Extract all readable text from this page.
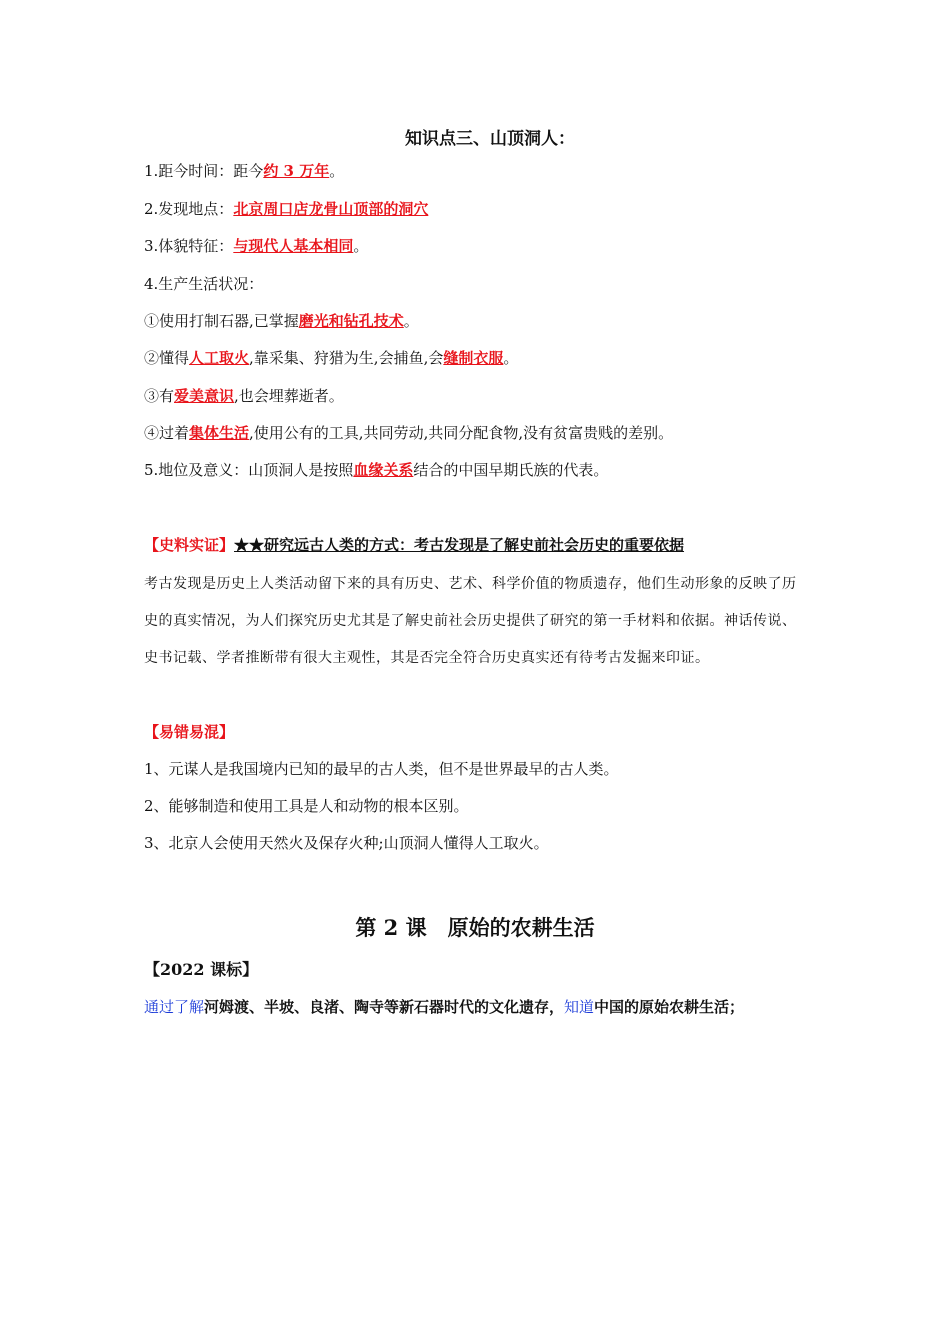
知识点三、山顶洞人：
1.距今时间：距今约 3 万年。
2.发现地点：北京周口店龙骨山顶部的洞穴
3.体貌特征：与现代人基本相同。
4.生产生活状况：
①使用打制石器,已掌握磨光和钻孔技术。
②懂得人工取火,靠采集、狩猎为生,会捕鱼,会缝制衣服。
③有爱美意识,也会埋葬逝者。
④过着集体生活,使用公有的工具,共同劳动,共同分配食物,没有贫富贵贱的差别。
5.地位及意义：山顶洞人是按照血缘关系结合的中国早期氏族的代表。
【史料实证】★★研究远古人类的方式：考古发现是了解史前社会历史的重要依据
考古发现是历史上人类活动留下来的具有历史、艺术、科学价值的物质遗存，他们生动形象的反映了历史的真实情况，为人们探究历史尤其是了解史前社会历史提供了研究的第一手材料和依据。神话传说、史书记载、学者推断带有很大主观性，其是否完全符合历史真实还有待考古发掘来印证。
【易错易混】
1、元谋人是我国境内已知的最早的古人类，但不是世界最早的古人类。
2、能够制造和使用工具是人和动物的根本区别。
3、北京人会使用天然火及保存火种;山顶洞人懂得人工取火。
第 2 课　原始的农耕生活
【2022 课标】
通过了解河姆渡、半坡、良渚、陶寺等新石器时代的文化遗存，知道中国的原始农耕生活；
